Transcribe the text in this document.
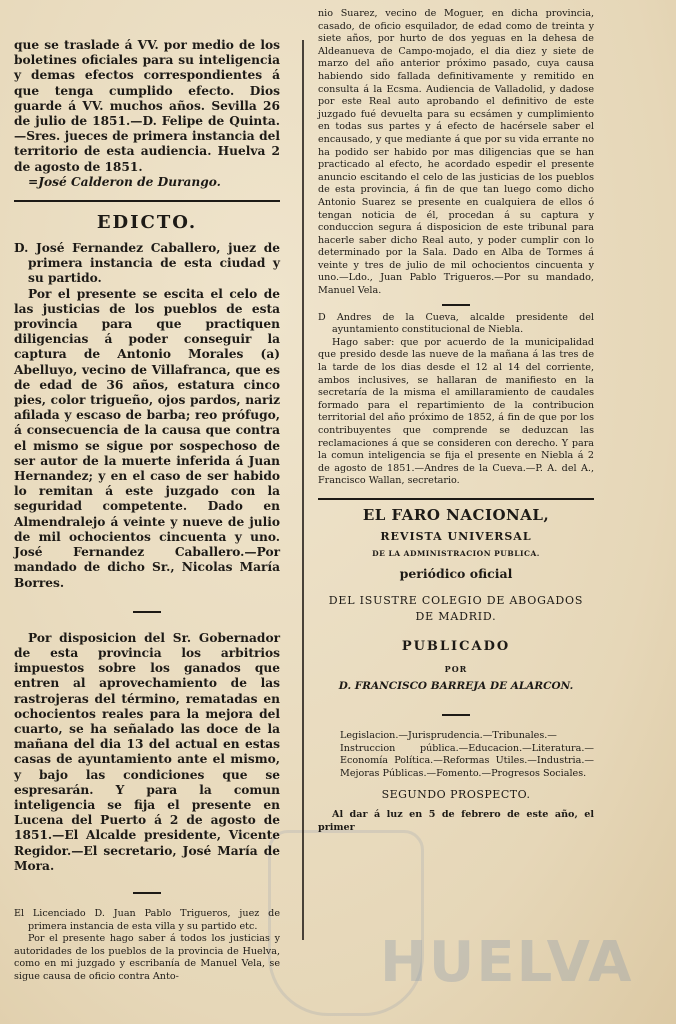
HUELVA

que se traslade á VV. por medio de los boletines oficiales para su inteligencia y demas efectos correspondientes á que tenga cumplido efecto. Dios guarde á VV. muchos años. Sevilla 26 de julio de 1851.—D. Felipe de Quinta.—Sres. jueces de primera instancia del territorio de esta audiencia. Huelva 2 de agosto de 1851.

=José Calderon de Durango.

EDICTO.

D. José Fernandez Caballero, juez de primera instancia de esta ciudad y su partido.

Por el presente se escita el celo de las justicias de los pueblos de esta provincia para que practiquen diligencias á poder conseguir la captura de Antonio Morales (a) Abelluyo, vecino de Villafranca, que es de edad de 36 años, estatura cinco pies, color trigueño, ojos pardos, nariz afilada y escaso de barba; reo prófugo, á consecuencia de la causa que contra el mismo se sigue por sospechoso de ser autor de la muerte inferida á Juan Hernandez; y en el caso de ser habido lo remitan á este juzgado con la seguridad competente. Dado en Almendralejo á veinte y nueve de julio de mil ochocientos cincuenta y uno. José Fernandez Caballero.—Por mandado de dicho Sr., Nicolas María Borres.

Por disposicion del Sr. Gobernador de esta provincia los arbitrios impuestos sobre los ganados que entren al aprovechamiento de las rastrojeras del término, rematadas en ochocientos reales para la mejora del cuarto, se ha señalado las doce de la mañana del dia 13 del actual en estas casas de ayuntamiento ante el mismo, y bajo las condiciones que se espresarán. Y para la comun inteligencia se fija el presente en Lucena del Puerto á 2 de agosto de 1851.—El Alcalde presidente, Vicente Regidor.—El secretario, José María de Mora.

El Licenciado D. Juan Pablo Trigueros, juez de primera instancia de esta villa y su partido etc.

Por el presente hago saber á todos los justicias y autoridades de los pueblos de la provincia de Huelva, como en mi juzgado y escribanía de Manuel Vela, se sigue causa de oficio contra Anto-

nio Suarez, vecino de Moguer, en dicha provincia, casado, de oficio esquilador, de edad como de treinta y siete años, por hurto de dos yeguas en la dehesa de Aldeanueva de Campo-mojado, el dia diez y siete de marzo del año anterior próximo pasado, cuya causa habiendo sido fallada definitivamente y remitido en consulta á la Ecsma. Audiencia de Valladolid, y dadose por este Real auto aprobando el definitivo de este juzgado fué devuelta para su ecsámen y cumplimiento en todas sus partes y á efecto de hacérsele saber el encausado, y que mediante á que por su vida errante no ha podido ser habido por mas diligencias que se han practicado al efecto, he acordado espedir el presente anuncio escitando el celo de las justicias de los pueblos de esta provincia, á fin de que tan luego como dicho Antonio Suarez se presente en cualquiera de ellos ó tengan noticia de él, procedan á su captura y conduccion segura á disposicion de este tribunal para hacerle saber dicho Real auto, y poder cumplir con lo determinado por la Sala. Dado en Alba de Tormes á veinte y tres de julio de mil ochocientos cincuenta y uno.—Ldo., Juan Pablo Trigueros.—Por su mandado, Manuel Vela.

D Andres de la Cueva, alcalde presidente del ayuntamiento constitucional de Niebla.

Hago saber: que por acuerdo de la municipalidad que presido desde las nueve de la mañana á las tres de la tarde de los dias desde el 12 al 14 del corriente, ambos inclusives, se hallaran de manifiesto en la secretaría de la misma el amillaramiento de caudales formado para el repartimiento de la contribucion territorial del año próximo de 1852, á fin de que por los contribuyentes que comprende se deduzcan las reclamaciones á que se consideren con derecho. Y para la comun inteligencia se fija el presente en Niebla á 2 de agosto de 1851.—Andres de la Cueva.—P. A. del A., Francisco Wallan, secretario.

EL FARO NACIONAL,
REVISTA UNIVERSAL
DE LA ADMINISTRACION PUBLICA.
periódico oficial
DEL ISUSTRE COLEGIO DE ABOGADOS DE MADRID.
PUBLICADO
POR
D. FRANCISCO BARREJA DE ALARCON.

Legislacion.—Jurisprudencia.—Tribunales.—Instruccion pública.—Educacion.—Literatura.—Economía Política.—Reformas Utiles.—Industria.—Mejoras Públicas.—Fomento.—Progresos Sociales.

SEGUNDO PROSPECTO.

Al dar á luz en 5 de febrero de este año, el primer
